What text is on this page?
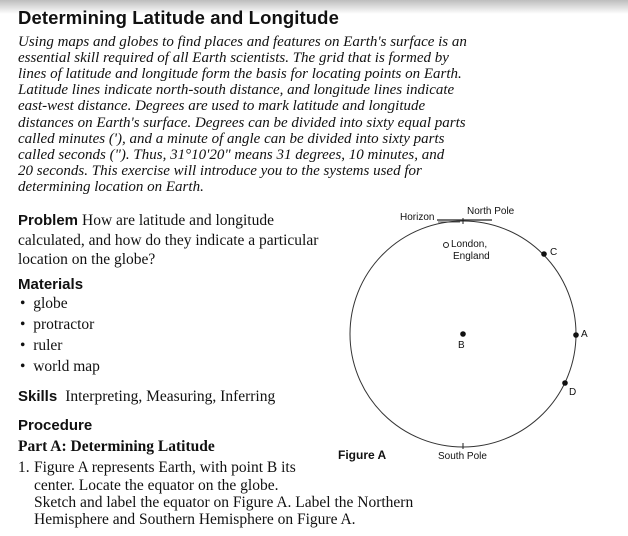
Determining Latitude and Longitude
Using maps and globes to find places and features on Earth's surface is an
essential skill required of all Earth scientists. The grid that is formed by
lines of latitude and longitude form the basis for locating points on Earth.
Latitude lines indicate north-south distance, and longitude lines indicate
east-west distance. Degrees are used to mark latitude and longitude
distances on Earth's surface. Degrees can be divided into sixty equal parts
called minutes ('), and a minute of angle can be divided into sixty parts
called seconds ("). Thus, 31°10'20" means 31 degrees, 10 minutes, and
20 seconds. This exercise will introduce you to the systems used for
determining location on Earth.
Problem How are latitude and longitude
calculated, and how do they indicate a particular
location on the globe?
Materials
•  globe
•  protractor
•  ruler
•  world map
Skills Interpreting, Measuring, Inferring
Procedure
Part A: Determining Latitude
1. Figure A represents Earth, with point B its
center. Locate the equator on the globe.
Sketch and label the equator on Figure A. Label the Northern
Hemisphere and Southern Hemisphere on Figure A.
Horizon
North Pole
London,
England	C
A
B
D
South Pole
Figure A
